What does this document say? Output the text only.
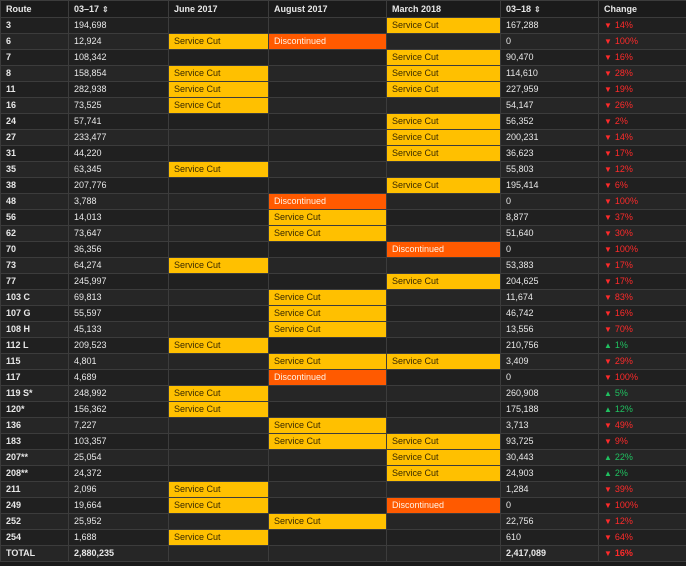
Route	03–17 ⇕	June 2017	August 2017	March 2018	03–18 ⇕	Change
3	194,698			Service Cut	167,288	▼ 14%
6	12,924	Service Cut	Discontinued		0	▼ 100%
7	108,342			Service Cut	90,470	▼ 16%
8	158,854	Service Cut		Service Cut	114,610	▼ 28%
11	282,938	Service Cut		Service Cut	227,959	▼ 19%
16	73,525	Service Cut			54,147	▼ 26%
24	57,741			Service Cut	56,352	▼ 2%
27	233,477			Service Cut	200,231	▼ 14%
31	44,220			Service Cut	36,623	▼ 17%
35	63,345	Service Cut			55,803	▼ 12%
38	207,776			Service Cut	195,414	▼ 6%
48	3,788		Discontinued		0	▼ 100%
56	14,013		Service Cut		8,877	▼ 37%
62	73,647		Service Cut		51,640	▼ 30%
70	36,356			Discontinued	0	▼ 100%
73	64,274	Service Cut			53,383	▼ 17%
77	245,997			Service Cut	204,625	▼ 17%
103 C	69,813		Service Cut		11,674	▼ 83%
107 G	55,597		Service Cut		46,742	▼ 16%
108 H	45,133		Service Cut		13,556	▼ 70%
112 L	209,523	Service Cut			210,756	▲ 1%
115	4,801		Service Cut	Service Cut	3,409	▼ 29%
117	4,689		Discontinued		0	▼ 100%
119 S*	248,992	Service Cut			260,908	▲ 5%
120*	156,362	Service Cut			175,188	▲ 12%
136	7,227		Service Cut		3,713	▼ 49%
183	103,357		Service Cut	Service Cut	93,725	▼ 9%
207**	25,054			Service Cut	30,443	▲ 22%
208**	24,372			Service Cut	24,903	▲ 2%
211	2,096	Service Cut			1,284	▼ 39%
249	19,664	Service Cut		Discontinued	0	▼ 100%
252	25,952		Service Cut		22,756	▼ 12%
254	1,688	Service Cut			610	▼ 64%
TOTAL	2,880,235				2,417,089	▼ 16%
